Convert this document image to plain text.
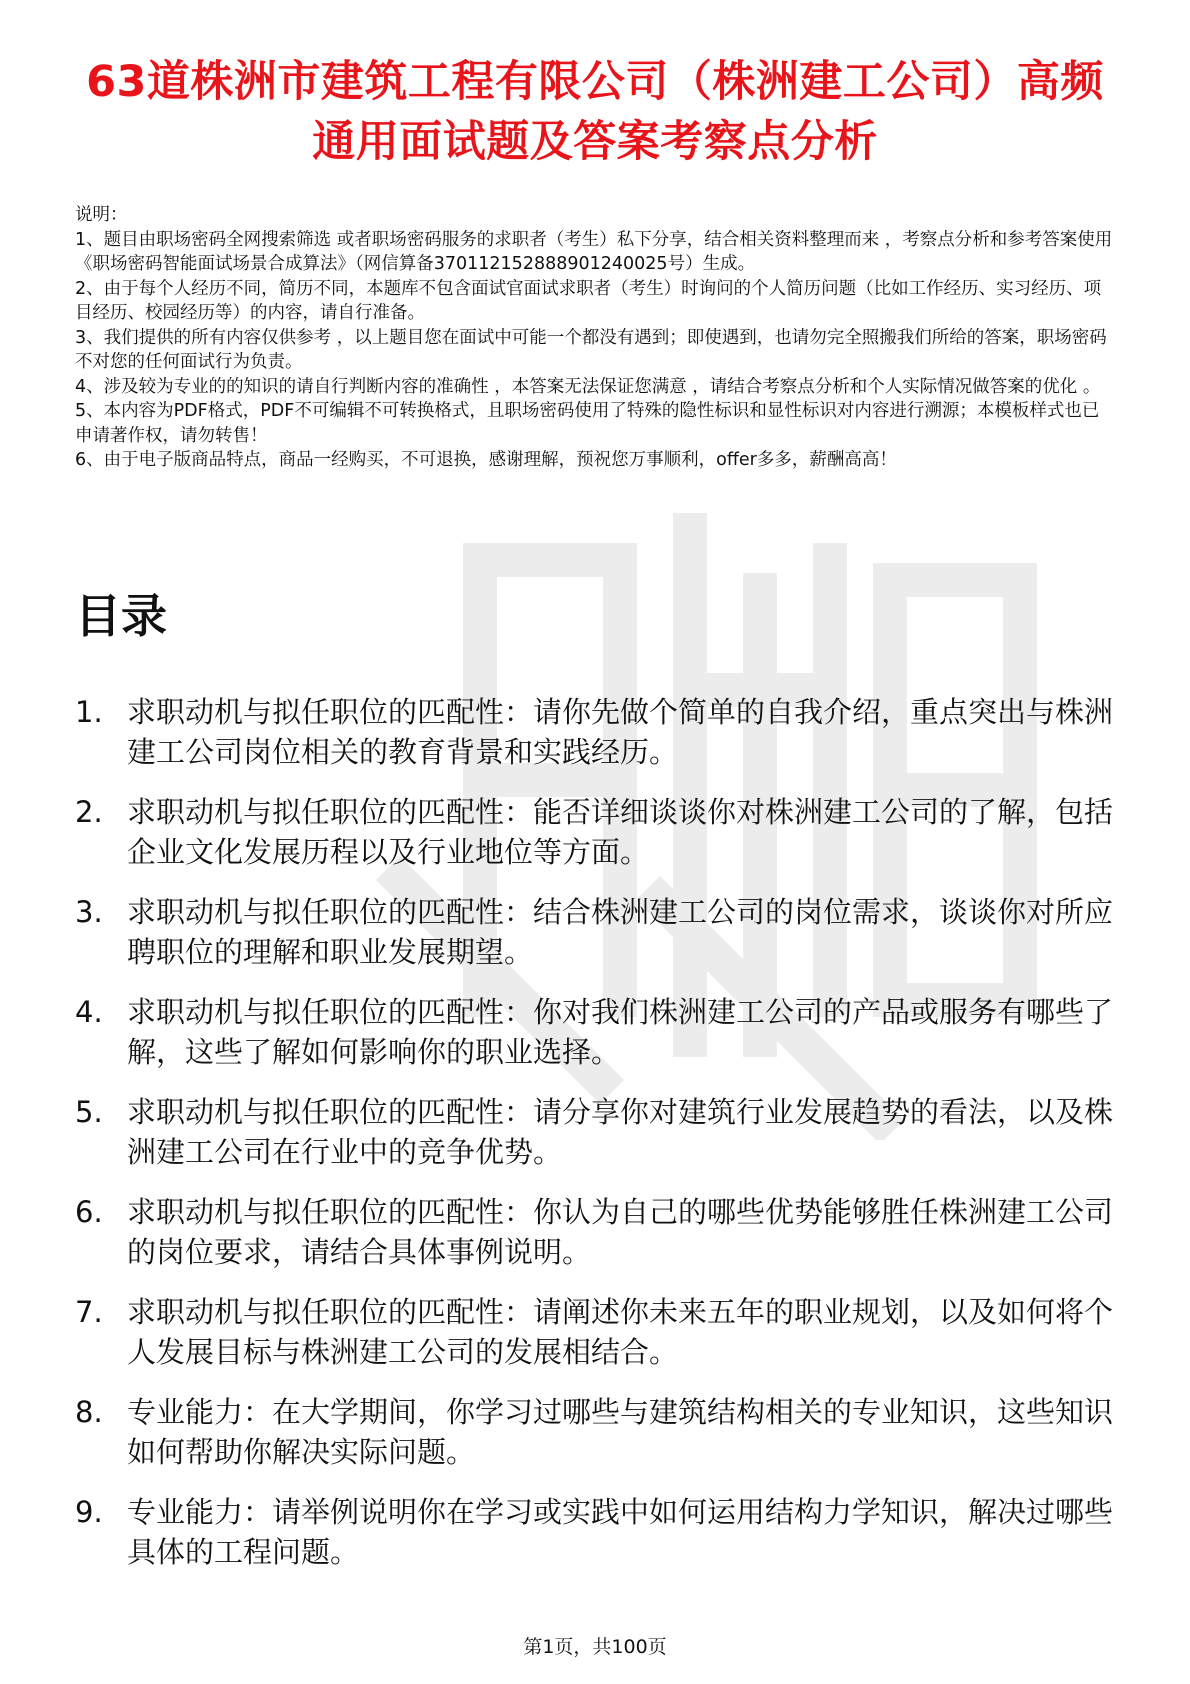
63道株洲市建筑工程有限公司（株洲建工公司）高频通用面试题及答案考察点分析

说明：

1、题目由职场密码全网搜索筛选 或者职场密码服务的求职者（考生）私下分享，结合相关资料整理而来 ，考察点分析和参考答案使用《职场密码智能面试场景合成算法》（网信算备370112152888901240025号）生成。

2、由于每个人经历不同，简历不同，本题库不包含面试官面试求职者（考生）时询问的个人简历问题（比如工作经历、实习经历、项目经历、校园经历等）的内容，请自行准备。

3、我们提供的所有内容仅供参考 ，以上题目您在面试中可能一个都没有遇到；即使遇到，也请勿完全照搬我们所给的答案，职场密码不对您的任何面试行为负责。

4、涉及较为专业的的知识的请自行判断内容的准确性 ，本答案无法保证您满意 ，请结合考察点分析和个人实际情况做答案的优化 。

5、本内容为PDF格式，PDF不可编辑不可转换格式，且职场密码使用了特殊的隐性标识和显性标识对内容进行溯源；本模板样式也已申请著作权，请勿转售！

6、由于电子版商品特点，商品一经购买，不可退换，感谢理解，预祝您万事顺利，offer多多，薪酬高高！

目录
1. 求职动机与拟任职位的匹配性：请你先做个简单的自我介绍，重点突出与株洲建工公司岗位相关的教育背景和实践经历。
2. 求职动机与拟任职位的匹配性：能否详细谈谈你对株洲建工公司的了解，包括企业文化发展历程以及行业地位等方面。
3. 求职动机与拟任职位的匹配性：结合株洲建工公司的岗位需求，谈谈你对所应聘职位的理解和职业发展期望。
4. 求职动机与拟任职位的匹配性：你对我们株洲建工公司的产品或服务有哪些了解，这些了解如何影响你的职业选择。
5. 求职动机与拟任职位的匹配性：请分享你对建筑行业发展趋势的看法，以及株洲建工公司在行业中的竞争优势。
6. 求职动机与拟任职位的匹配性：你认为自己的哪些优势能够胜任株洲建工公司的岗位要求，请结合具体事例说明。
7. 求职动机与拟任职位的匹配性：请阐述你未来五年的职业规划，以及如何将个人发展目标与株洲建工公司的发展相结合。
8. 专业能力：在大学期间，你学习过哪些与建筑结构相关的专业知识，这些知识如何帮助你解决实际问题。
9. 专业能力：请举例说明你在学习或实践中如何运用结构力学知识，解决过哪些具体的工程问题。
第1页，共100页
